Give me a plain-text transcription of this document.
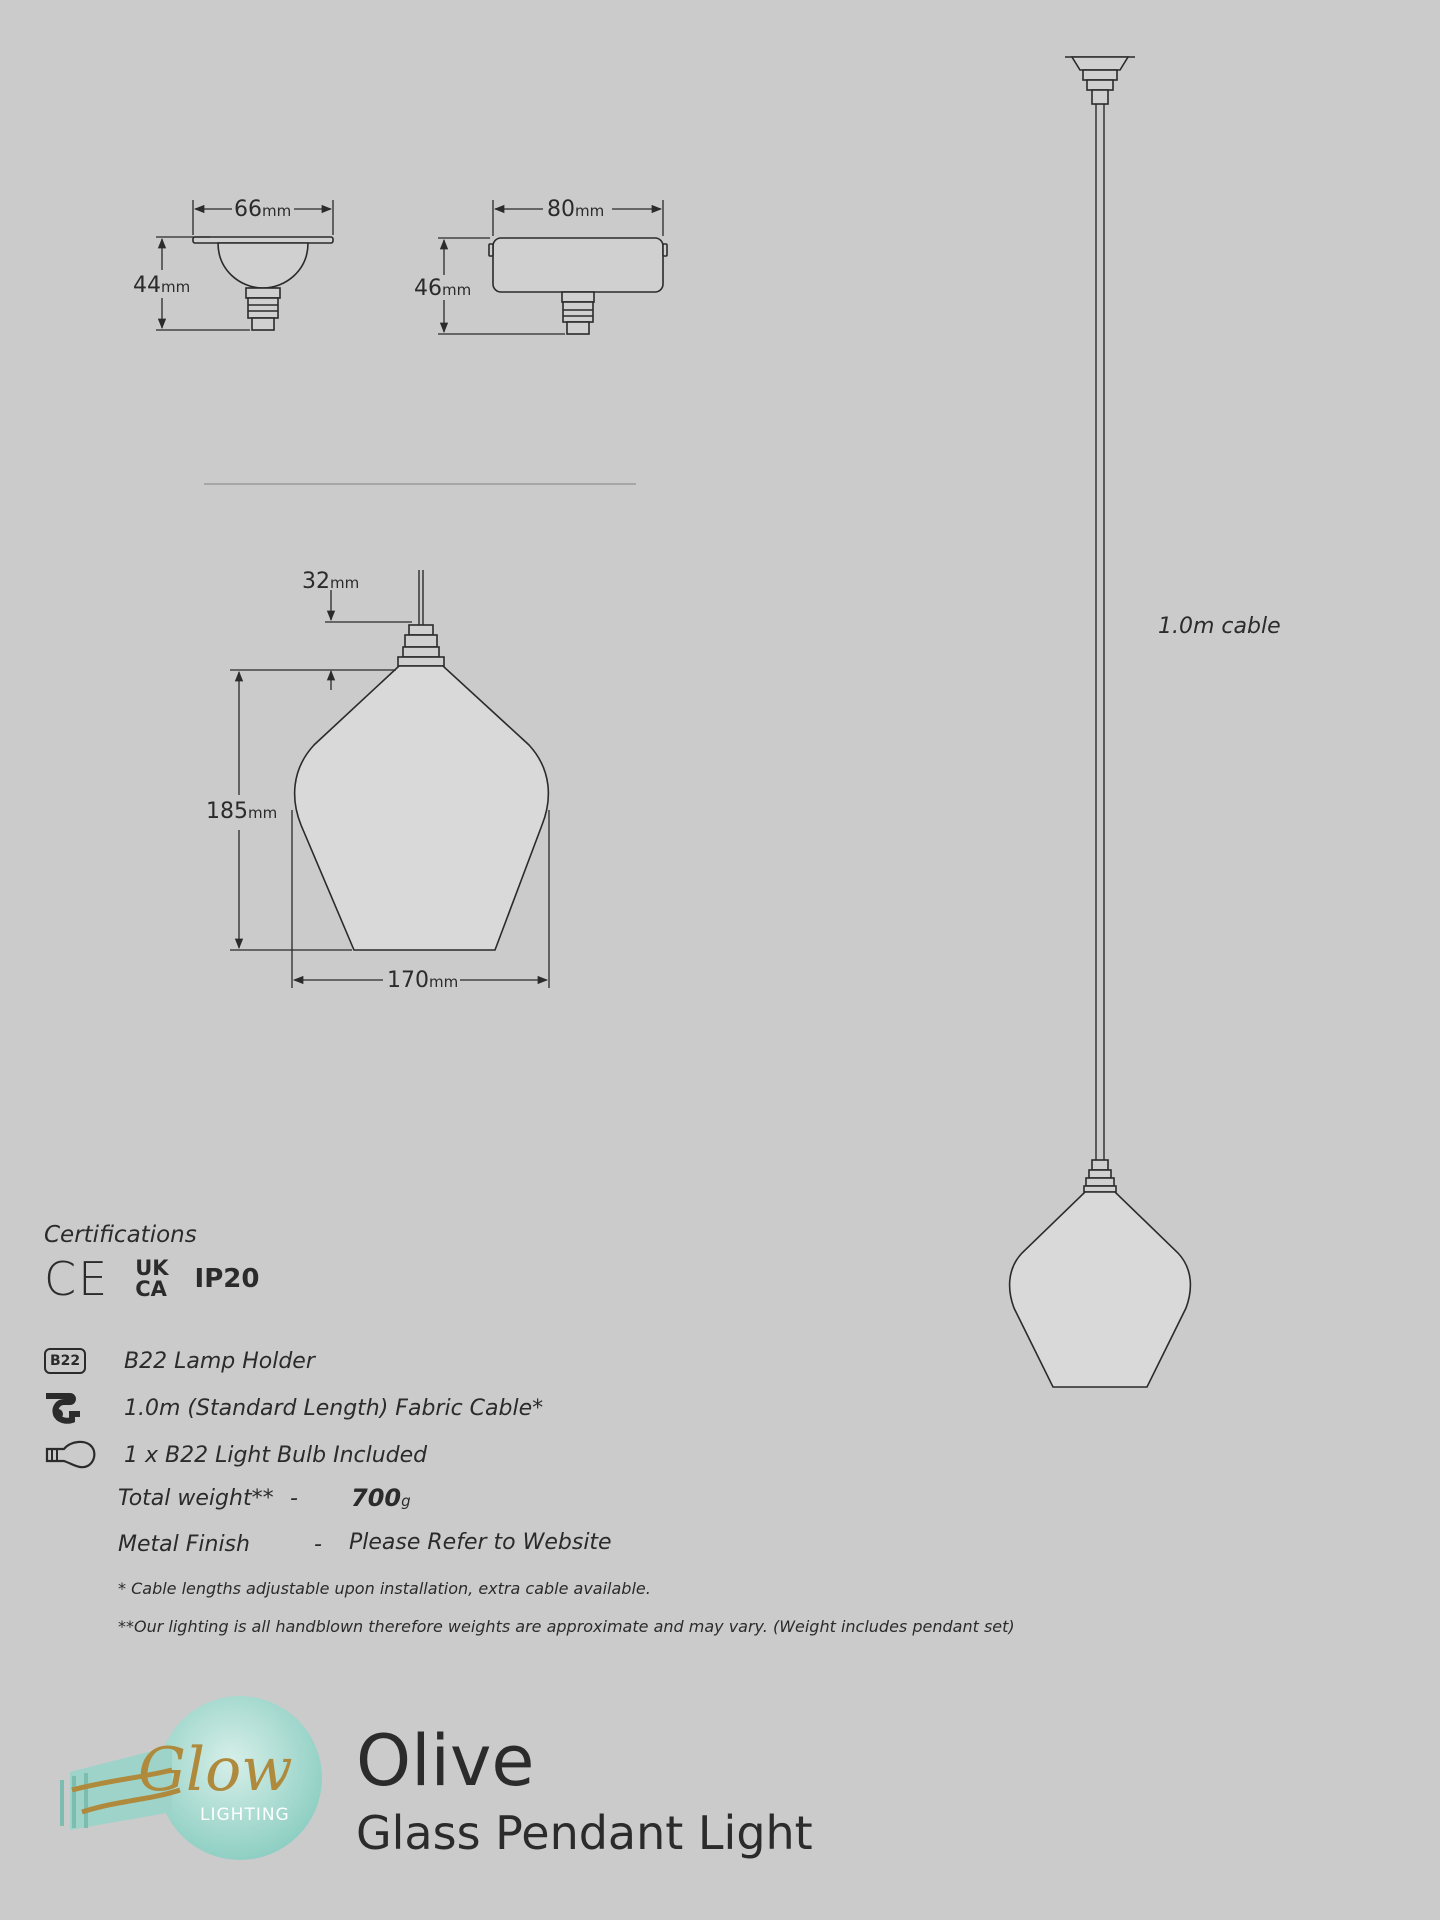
66mm
44mm
80mm
46mm
32mm
185mm
170mm
1.0m cable
Glow
LIGHTING
Certifications
CE UK
CA IP20
B22 B22 Lamp Holder
1.0m (Standard Length) Fabric Cable*
1 x B22 Light Bulb Included
Total weight** - 700g
Metal Finish	- Please Refer to Website
* Cable lengths adjustable upon installation, extra cable available.
**Our lighting is all handblown therefore weights are approximate and may vary. (Weight includes pendant set)
Olive
Glass Pendant Light
